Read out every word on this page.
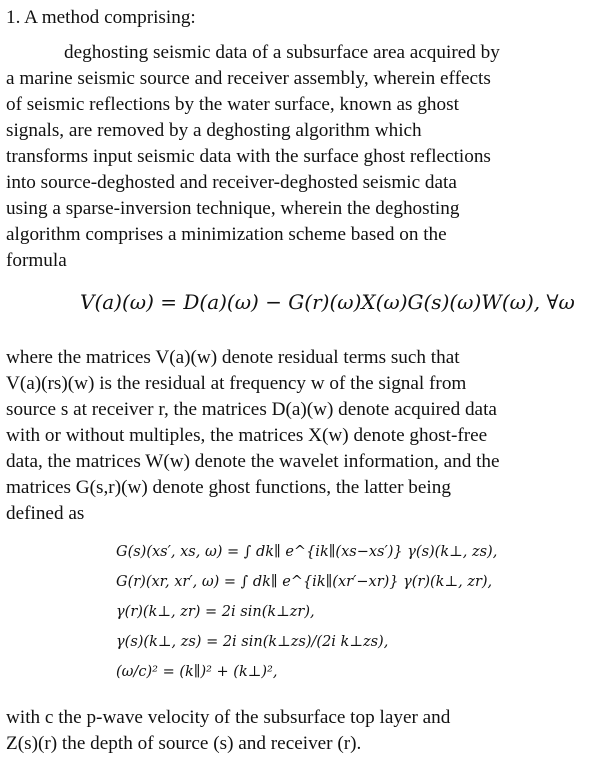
1. A method comprising:
deghosting seismic data of a subsurface area acquired by
a marine seismic source and receiver assembly, wherein effects
of seismic reflections by the water surface, known as ghost
signals, are removed by a deghosting algorithm which
transforms input seismic data with the surface ghost reflections
into source-deghosted and receiver-deghosted seismic data
using a sparse-inversion technique, wherein the deghosting
algorithm comprises a minimization scheme based on the
formula
V(a)(ω) = D(a)(ω) − G(r)(ω)X(ω)G(s)(ω)W(ω), ∀ω
where the matrices V(a)(w) denote residual terms such that
V(a)(rs)(w) is the residual at frequency w of the signal from
source s at receiver r, the matrices D(a)(w) denote acquired data
with or without multiples, the matrices X(w) denote ghost-free
data, the matrices W(w) denote the wavelet information, and the
matrices G(s,r)(w) denote ghost functions, the latter being
defined as
G(s)(xs′, xs, ω) = ∫ dk∥ e^{ik∥(xs−xs′)} γ(s)(k⊥, zs),
G(r)(xr, xr′, ω) = ∫ dk∥ e^{ik∥(xr′−xr)} γ(r)(k⊥, zr),
γ(r)(k⊥, zr) = 2i sin(k⊥zr),
γ(s)(k⊥, zs) = 2i sin(k⊥zs)/(2i k⊥zs),
(ω/c)² = (k∥)² + (k⊥)²,
with c the p-wave velocity of the subsurface top layer and
Z(s)(r) the depth of source (s) and receiver (r).
